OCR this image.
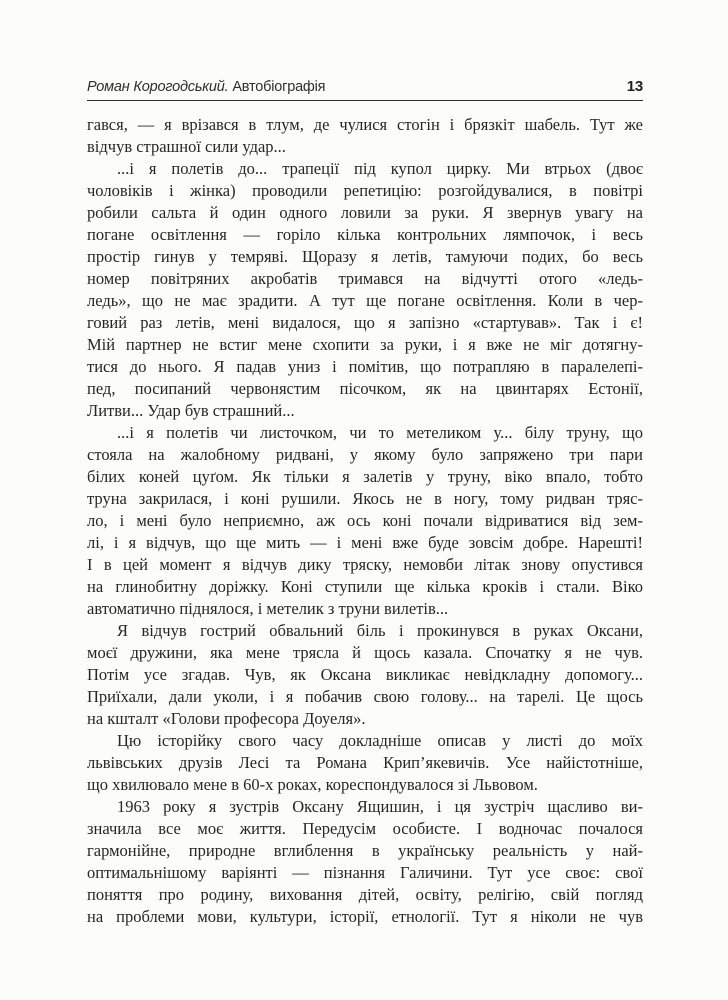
Роман Корогодський. Автобіографія	13
гався, — я врізався в тлум, де чулися стогін і брязкіт шабель. Тут же
відчув страшної сили удар...
...і я полетів до... трапеції під купол цирку. Ми втрьох (двоє
чоловіків і жінка) проводили репетицію: розгойдувалися, в повітрі
робили сальта й один одного ловили за руки. Я звернув увагу на
погане освітлення — горіло кілька контрольних лямпочок, і весь
простір гинув у темряві. Щоразу я летів, тамуючи подих, бо весь
номер повітряних акробатів тримався на відчутті отого «ледь-
ледь», що не має зрадити. А тут ще погане освітлення. Коли в чер-
говий раз летів, мені видалося, що я запізно «стартував». Так і є!
Мій партнер не встиг мене схопити за руки, і я вже не міг дотягну-
тися до нього. Я падав униз і помітив, що потрапляю в паралелепі-
пед, посипаний червонястим пісочком, як на цвинтарях Естонії,
Литви... Удар був страшний...
...і я полетів чи листочком, чи то метеликом у... білу труну, що
стояла на жалобному ридвані, у якому було запряжено три пари
білих коней цуґом. Як тільки я залетів у труну, віко впало, тобто
труна закрилася, і коні рушили. Якось не в ногу, тому ридван тряс-
ло, і мені було неприємно, аж ось коні почали відриватися від зем-
лі, і я відчув, що ще мить — і мені вже буде зовсім добре. Нарешті!
І в цей момент я відчув дику тряску, немовби літак знову опустився
на глинобитну доріжку. Коні ступили ще кілька кроків і стали. Віко
автоматично піднялося, і метелик з труни вилетів...
Я відчув гострий обвальний біль і прокинувся в руках Оксани,
моєї дружини, яка мене трясла й щось казала. Спочатку я не чув.
Потім усе згадав. Чув, як Оксана викликає невідкладну допомогу...
Приїхали, дали уколи, і я побачив свою голову... на тарелі. Це щось
на кшталт «Голови професора Доуеля».
Цю історійку свого часу докладніше описав у листі до моїх
львівських друзів Лесі та Романа Крип’якевичів. Усе найістотніше,
що хвилювало мене в 60-х роках, кореспондувалося зі Львовом.
1963 року я зустрів Оксану Ящишин, і ця зустріч щасливо ви-
значила все моє життя. Передусім особисте. І водночас почалося
гармонійне, природне вглиблення в українську реальність у най-
оптимальнішому варіянті — пізнання Галичини. Тут усе своє: свої
поняття про родину, виховання дітей, освіту, релігію, свій погляд
на проблеми мови, культури, історії, етнології. Тут я ніколи не чув
